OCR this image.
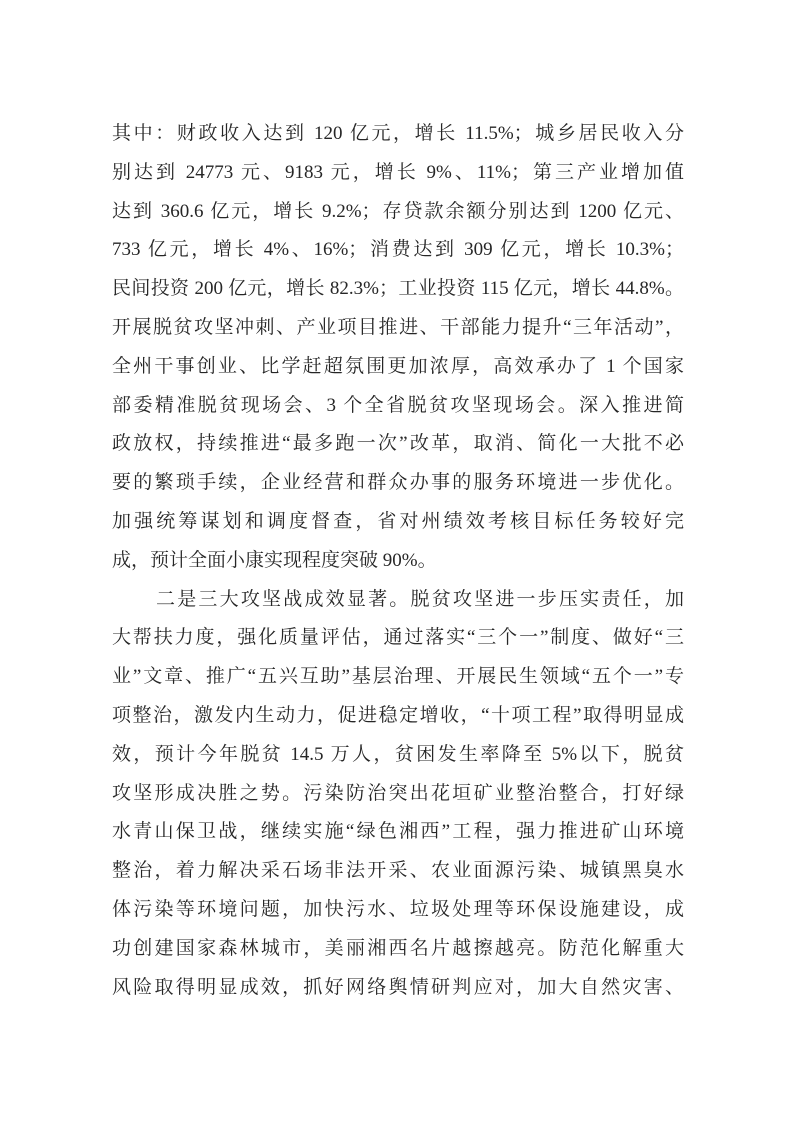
其中：财政收入达到 120 亿元，增长 11.5%；城乡居民收入分
别达到 24773 元、9183 元，增长 9%、11%；第三产业增加值
达到 360.6 亿元，增长 9.2%；存贷款余额分别达到 1200 亿元、
733 亿元，增长 4%、16%；消费达到 309 亿元，增长 10.3%；
民间投资 200 亿元，增长 82.3%；工业投资 115 亿元，增长 44.8%。
开展脱贫攻坚冲刺、产业项目推进、干部能力提升“三年活动”，
全州干事创业、比学赶超氛围更加浓厚，高效承办了 1 个国家
部委精准脱贫现场会、3 个全省脱贫攻坚现场会。深入推进简
政放权，持续推进“最多跑一次”改革，取消、简化一大批不必
要的繁琐手续，企业经营和群众办事的服务环境进一步优化。
加强统筹谋划和调度督查，省对州绩效考核目标任务较好完
成，预计全面小康实现程度突破 90%。
二是三大攻坚战成效显著。脱贫攻坚进一步压实责任，加
大帮扶力度，强化质量评估，通过落实“三个一”制度、做好“三
业”文章、推广“五兴互助”基层治理、开展民生领域“五个一”专
项整治，激发内生动力，促进稳定增收，“十项工程”取得明显成
效，预计今年脱贫 14.5 万人，贫困发生率降至 5%以下，脱贫
攻坚形成决胜之势。污染防治突出花垣矿业整治整合，打好绿
水青山保卫战，继续实施“绿色湘西”工程，强力推进矿山环境
整治，着力解决采石场非法开采、农业面源污染、城镇黑臭水
体污染等环境问题，加快污水、垃圾处理等环保设施建设，成
功创建国家森林城市，美丽湘西名片越擦越亮。防范化解重大
风险取得明显成效，抓好网络舆情研判应对，加大自然灾害、
